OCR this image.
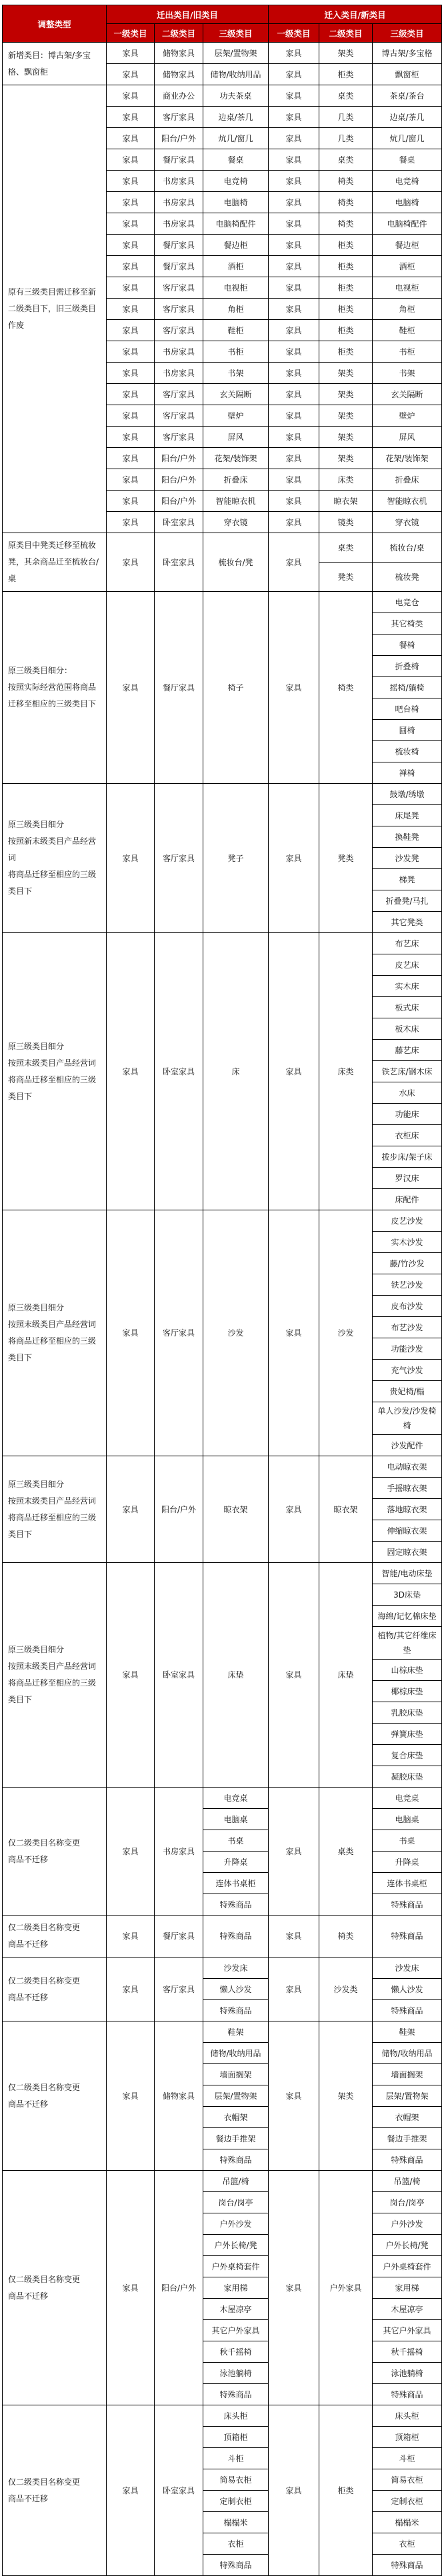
调整类型	迁出类目/旧类目			迁入类目/新类目		
	一级类目	二级类目	三级类目	一级类目	二级类目	三级类目
新增类目：博古架/多宝格、飘窗柜	家具	储物家具	层架/置物架	家具	架类	博古架/多宝格
	家具	储物家具	储物/收纳用品	家具	柜类	飘窗柜
原有三级类目需迁移至新二级类目下，旧三级类目作废	家具	商业办公	功夫茶桌	家具	桌类	茶桌/茶台
	家具	客厅家具	边桌/茶几	家具	几类	边桌/茶几
	家具	阳台/户外	炕几/窗几	家具	几类	炕几/窗几
	家具	餐厅家具	餐桌	家具	桌类	餐桌
	家具	书房家具	电竞椅	家具	椅类	电竞椅
	家具	书房家具	电脑椅	家具	椅类	电脑椅
	家具	书房家具	电脑椅配件	家具	椅类	电脑椅配件
	家具	餐厅家具	餐边柜	家具	柜类	餐边柜
	家具	餐厅家具	酒柜	家具	柜类	酒柜
	家具	客厅家具	电视柜	家具	柜类	电视柜
	家具	客厅家具	角柜	家具	柜类	角柜
	家具	客厅家具	鞋柜	家具	柜类	鞋柜
	家具	书房家具	书柜	家具	柜类	书柜
	家具	书房家具	书架	家具	架类	书架
	家具	客厅家具	玄关隔断	家具	架类	玄关隔断
	家具	客厅家具	壁炉	家具	架类	壁炉
	家具	客厅家具	屏风	家具	架类	屏风
	家具	阳台/户外	花架/装饰架	家具	架类	花架/装饰架
	家具	阳台/户外	折叠床	家具	床类	折叠床
	家具	阳台/户外	智能晾衣机	家具	晾衣架	智能晾衣机
	家具	卧室家具	穿衣镜	家具	镜类	穿衣镜
原类目中凳类迁移至梳妆凳，其余商品迁至梳妆台/桌	家具	卧室家具	梳妆台/凳	家具	桌类	梳妆台/桌
					凳类	梳妆凳
原三级类目细分：
按照实际经营范围将商品迁移至相应的三级类目下	家具	餐厅家具	椅子	家具	椅类	电竞仓
						其它椅类
						餐椅
						折叠椅
						摇椅/躺椅
						吧台椅
						圆椅
						梳妆椅
						禅椅
原三级类目细分
按照新末级类目产品经营词
将商品迁移至相应的三级类目下	家具	客厅家具	凳子	家具	凳类	鼓墩/绣墩
						床尾凳
						换鞋凳
						沙发凳
						梯凳
						折叠凳/马扎
						其它凳类
原三级类目细分
按照末级类目产品经营词
将商品迁移至相应的三级类目下	家具	卧室家具	床	家具	床类	布艺床
						皮艺床
						实木床
						板式床
						板木床
						藤艺床
						铁艺床/钢木床
						水床
						功能床
						衣柜床
						拔步床/架子床
						罗汉床
						床配件
原三级类目细分
按照末级类目产品经营词
将商品迁移至相应的三级类目下	家具	客厅家具	沙发	家具	沙发	皮艺沙发
						实木沙发
						藤/竹沙发
						铁艺沙发
						皮布沙发
						布艺沙发
						功能沙发
						充气沙发
						贵妃椅/榻
						单人沙发/沙发椅椅
						沙发配件
原三级类目细分
按照末级类目产品经营词
将商品迁移至相应的三级类目下	家具	阳台/户外	晾衣架	家具	晾衣架	电动晾衣架
						手摇晾衣架
						落地晾衣架
						伸缩晾衣架
						固定晾衣架
原三级类目细分
按照末级类目产品经营词
将商品迁移至相应的三级类目下	家具	卧室家具	床垫	家具	床垫	智能/电动床垫
						3D床垫
						海绵/记忆棉床垫
						植物/其它纤维床垫
						山棕床垫
						椰棕床垫
						乳胶床垫
						弹簧床垫
						复合床垫
						凝胶床垫
仅二级类目名称变更
商品不迁移	家具	书房家具	电竞桌	家具	桌类	电竞桌
			电脑桌			电脑桌
			书桌			书桌
			升降桌			升降桌
			连体书桌柜			连体书桌柜
			特殊商品			特殊商品
仅二级类目名称变更
商品不迁移	家具	餐厅家具	特殊商品	家具	椅类	特殊商品
仅二级类目名称变更
商品不迁移	家具	客厅家具	沙发床	家具	沙发类	沙发床
			懒人沙发			懒人沙发
			特殊商品			特殊商品
仅二级类目名称变更
商品不迁移	家具	储物家具	鞋架	家具	架类	鞋架
			储物/收纳用品			储物/收纳用品
			墙面搁架			墙面搁架
			层架/置物架			层架/置物架
			衣帽架			衣帽架
			餐边手推架			餐边手推架
			特殊商品			特殊商品
仅二级类目名称变更
商品不迁移	家具	阳台/户外	吊篮/椅	家具	户外家具	吊篮/椅
			岗台/岗亭			岗台/岗亭
			户外沙发			户外沙发
			户外长椅/凳			户外长椅/凳
			户外桌椅套件			户外桌椅套件
			家用梯			家用梯
			木屋凉亭			木屋凉亭
			其它户外家具			其它户外家具
			秋千摇椅			秋千摇椅
			泳池躺椅			泳池躺椅
			特殊商品			特殊商品
仅二级类目名称变更
商品不迁移	家具	卧室家具	床头柜	家具	柜类	床头柜
			顶箱柜			顶箱柜
			斗柜			斗柜
			简易衣柜			简易衣柜
			定制衣柜			定制衣柜
			榻榻米			榻榻米
			衣柜			衣柜
			特殊商品			特殊商品
